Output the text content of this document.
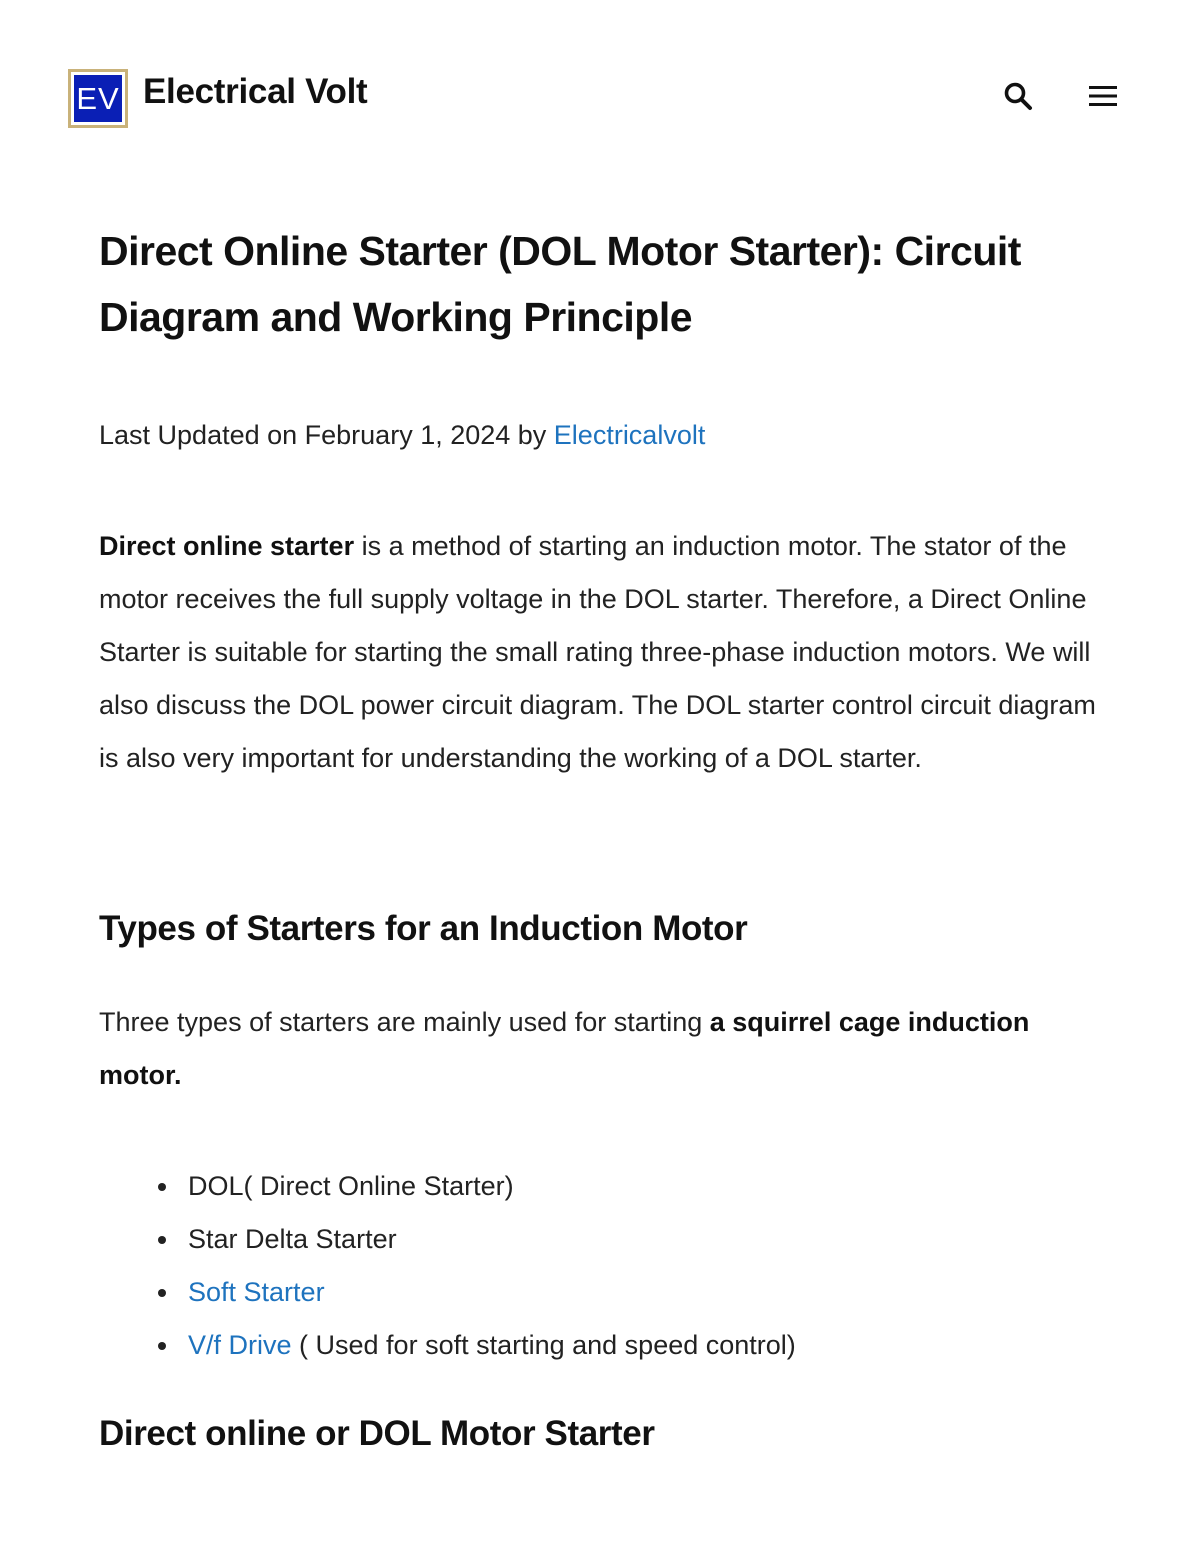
EV Electrical Volt
Direct Online Starter (DOL Motor Starter): Circuit Diagram and Working Principle
Last Updated on February 1, 2024 by Electricalvolt

Direct online starter is a method of starting an induction motor. The stator of the motor receives the full supply voltage in the DOL starter. Therefore, a Direct Online Starter is suitable for starting the small rating three-phase induction motors. We will also discuss the DOL power circuit diagram. The DOL starter control circuit diagram is also very important for understanding the working of a DOL starter.

Types of Starters for an Induction Motor

Three types of starters are mainly used for starting a squirrel cage induction motor.

DOL( Direct Online Starter)
Star Delta Starter
Soft Starter
V/f Drive ( Used for soft starting and speed control)
Direct online or DOL Motor Starter
